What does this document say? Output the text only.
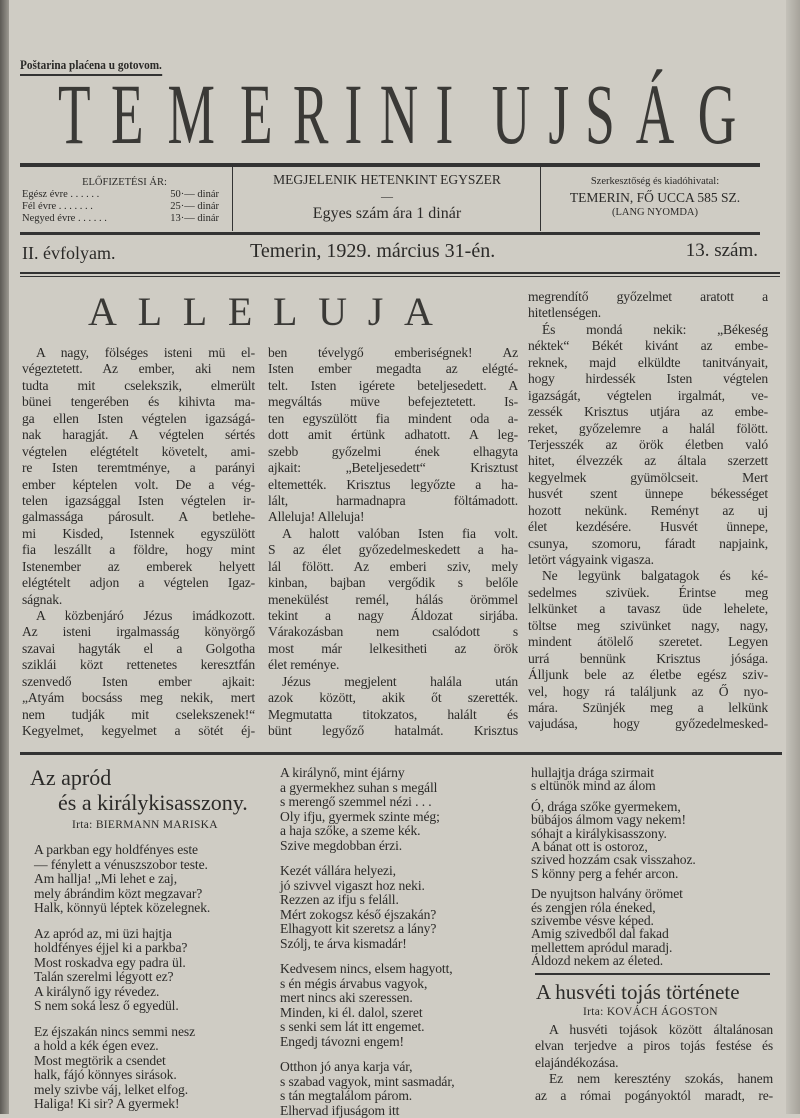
Poštarina plaćena u gotovom.
T E M E R I N I
U J S Á G
ELŐFIZETÉSI ÁR:
Egész évre . . . . . .	50·— dinár
Fél évre . . . . . . .	25·— dinár
Negyed évre . . . . . .	13·— dinár
MEGJELENIK HETENKINT EGYSZER
—
Egyes szám ára 1 dinár
Szerkesztőség és kiadóhivatal:
TEMERIN, FŐ UCCA 585 SZ.
(LANG NYOMDA)
II. évfolyam.	Temerin, 1929. március 31-én.	13. szám.
A L L E L U J A
A nagy, fölséges isteni mü el-
végeztetett. Az ember, aki nem
tudta mit cselekszik, elmerült
bünei tengerében és kihivta ma-
ga ellen Isten végtelen igazságá-
nak haragját. A végtelen sértés
végtelen elégtételt követelt, ami-
re Isten teremtménye, a parányi
ember képtelen volt. De a vég-
telen igazsággal Isten végtelen ir-
galmassága párosult. A betlehe-
mi Kisded, Istennek egyszülött
fia leszállt a földre, hogy mint
Istenember az emberek helyett
elégtételt adjon a végtelen Igaz-
ságnak.
A közbenjáró Jézus imádkozott.
Az isteni irgalmasság könyörgő
szavai hagyták el a Golgotha
sziklái közt rettenetes keresztfán
szenvedő Isten ember ajkait:
„Atyám bocsáss meg nekik, mert
nem tudják mit cselekszenek!“
Kegyelmet, kegyelmet a sötét éj-
ben tévelygő emberiségnek! Az
Isten ember megadta az elégté-
telt. Isten igérete beteljesedett. A
megváltás müve befejeztetett. Is-
ten egyszülött fia mindent oda a-
dott amit értünk adhatott. A leg-
szebb győzelmi ének elhagyta
ajkait: „Beteljesedett“ Krisztust
eltemették. Krisztus legyőzte a ha-
lált, harmadnapra föltámadott.
Alleluja! Alleluja!
A halott valóban Isten fia volt.
S az élet győzedelmeskedett a ha-
lál fölött. Az emberi sziv, mely
kinban, bajban vergődik s belőle
menekülést remél, hálás örömmel
tekint a nagy Áldozat sirjába.
Várakozásban nem csalódott s
most már lelkesitheti az örök
élet reménye.
Jézus megjelent halála után
azok között, akik őt szerették.
Megmutatta titokzatos, halált és
bünt legyőző hatalmát. Krisztus
megrendítő győzelmet aratott a
hitetlenségen.
És mondá nekik: „Békeség
néktek“ Békét kivánt az embe-
reknek, majd elküldte tanitványait,
hogy hirdessék Isten végtelen
igazságát, végtelen irgalmát, ve-
zessék Krisztus utjára az embe-
reket, győzelemre a halál fölött.
Terjesszék az örök életben való
hitet, élvezzék az általa szerzett
kegyelmek gyümölcseit. Mert
husvét szent ünnepe békességet
hozott nekünk. Reményt az uj
élet kezdésére. Husvét ünnepe,
csunya, szomoru, fáradt napjaink,
letört vágyaink vigasza.
Ne legyünk balgatagok és ké-
sedelmes szivüek. Érintse meg
lelkünket a tavasz üde lehelete,
töltse meg szivünket nagy, nagy,
mindent átölelő szeretet. Legyen
urrá bennünk Krisztus jósága.
Álljunk bele az életbe egész sziv-
vel, hogy rá találjunk az Ő nyo-
mára. Szünjék meg a lelkünk
vajudása, hogy győzedelmesked-
Az apród
és a királykisasszony.
Irta: BIERMANN MARISKA
A parkban egy holdfényes este
— fénylett a vénuszszobor teste.
Am hallja! „Mi lehet e zaj,
mely ábrándim közt megzavar?
Halk, könnyü léptek közelegnek.
Az apród az, mi üzi hajtja
holdfényes éjjel ki a parkba?
Most roskadva egy padra ül.
Talán szerelmi légyott ez?
A királynő igy révedez.
S nem soká lesz ő egyedül.
Ez éjszakán nincs semmi nesz
a hold a kék égen evez.
Most megtörik a csendet
halk, fájó könnyes sirások.
mely szivbe váj, lelket elfog.
Haliga! Ki sir? A gyermek!
A királynő, mint éjárny
a gyermekhez suhan s megáll
s merengő szemmel nézi . . .
Oly ifju, gyermek szinte még;
a haja szőke, a szeme kék.
Szive megdobban érzi.
Kezét vállára helyezi,
jó szivvel vigaszt hoz neki.
Rezzen az ifju s feláll.
Mért zokogsz késő éjszakán?
Elhagyott kit szeretsz a lány?
Szólj, te árva kismadár!
Kedvesem nincs, elsem hagyott,
s én mégis árvabus vagyok,
mert nincs aki szeressen.
Minden, ki él. dalol, szeret
s senki sem lát itt engemet.
Engedj távozni engem!
Otthon jó anya karja vár,
s szabad vagyok, mint sasmadár,
s tán megtalálom párom.
Elhervad ifjuságom itt
hullajtja drága szirmait
s eltünök mind az álom
Ó, drága szőke gyermekem,
bübájos álmom vagy nekem!
sóhajt a királykisasszony.
A bánat ott is ostoroz,
szived hozzám csak visszahoz.
S könny perg a fehér arcon.
De nyujtson halvány örömet
és zengjen róla éneked,
szivembe vésve képed.
Amig szivedből dal fakad
mellettem apródul maradj.
Áldozd nekem az életed.
A husvéti tojás története
Irta: KOVÁCH ÁGOSTON
A husvéti tojások között általánosan
elvan terjedve a piros tojás festése és
elajándékozása.
Ez nem keresztény szokás, hanem
az a római pogányoktól maradt, re-
